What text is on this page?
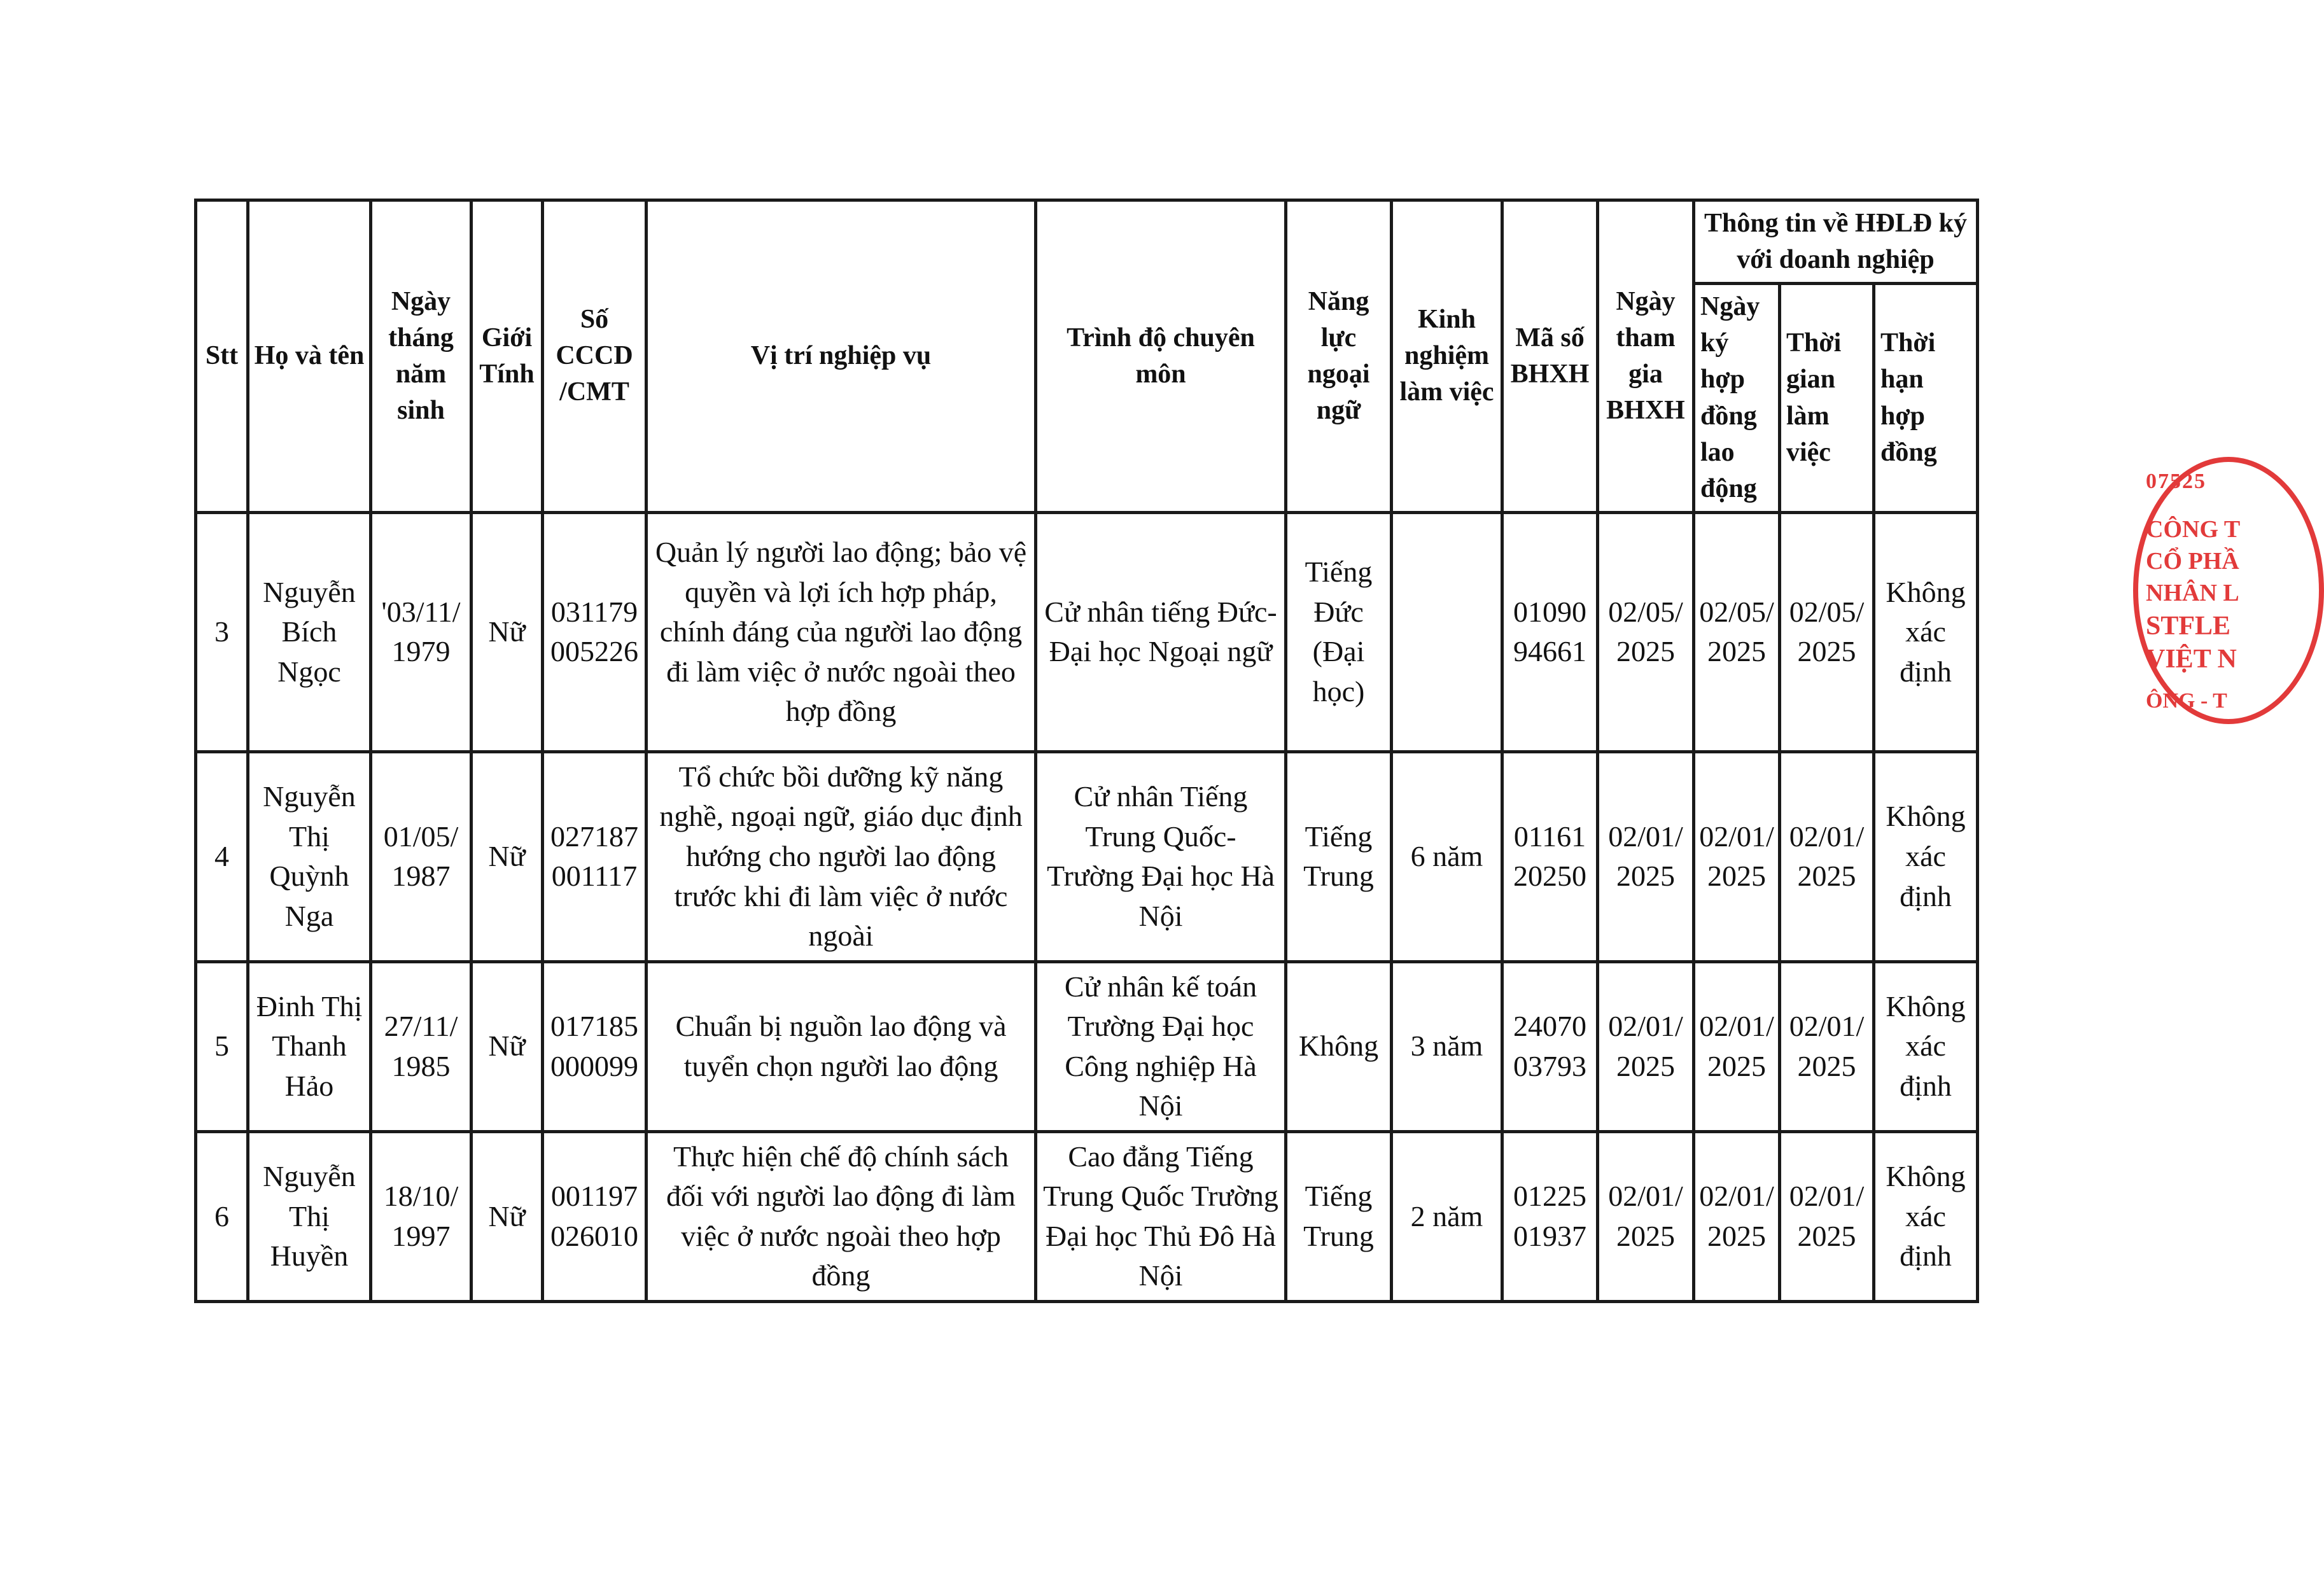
Stt	Họ và tên	Ngày tháng năm sinh	Giới Tính	Số CCCD /CMT	Vị trí nghiệp vụ	Trình độ chuyên môn	Năng lực ngoại ngữ	Kinh nghiệm làm việc	Mã số BHXH	Ngày tham gia BHXH	Thông tin về HĐLĐ ký với doanh nghiệp		
											Ngày ký hợp đồng lao động	Thời gian làm việc	Thời hạn hợp đồng
3	Nguyễn Bích Ngọc	'03/11/ 1979	Nữ	031179 005226	Quản lý người lao động; bảo vệ quyền và lợi ích hợp pháp, chính đáng của người lao động đi làm việc ở nước ngoài theo hợp đồng	Cử nhân tiếng Đức- Đại học Ngoại ngữ	Tiếng Đức (Đại học)		01090 94661	02/05/ 2025	02/05/ 2025	02/05/ 2025	Không xác định
4	Nguyễn Thị Quỳnh Nga	01/05/ 1987	Nữ	027187 001117	Tổ chức bồi dưỡng kỹ năng nghề, ngoại ngữ, giáo dục định hướng cho người lao động trước khi đi làm việc ở nước ngoài	Cử nhân Tiếng Trung Quốc- Trường Đại học Hà Nội	Tiếng Trung	6 năm	01161 20250	02/01/ 2025	02/01/ 2025	02/01/ 2025	Không xác định
5	Đinh Thị Thanh Hảo	27/11/ 1985	Nữ	017185 000099	Chuẩn bị nguồn lao động và tuyển chọn người lao động	Cử nhân kế toán Trường Đại học Công nghiệp Hà Nội	Không	3 năm	24070 03793	02/01/ 2025	02/01/ 2025	02/01/ 2025	Không xác định
6	Nguyễn Thị Huyền	18/10/ 1997	Nữ	001197 026010	Thực hiện chế độ chính sách đối với người lao động đi làm việc ở nước ngoài theo hợp đồng	Cao đẳng Tiếng Trung Quốc Trường Đại học Thủ Đô Hà Nội	Tiếng Trung	2 năm	01225 01937	02/01/ 2025	02/01/ 2025	02/01/ 2025	Không xác định
07525
CÔNG T
CỔ PHẦ
NHÂN L
STFLE
VIỆT N
ÔNG - T
